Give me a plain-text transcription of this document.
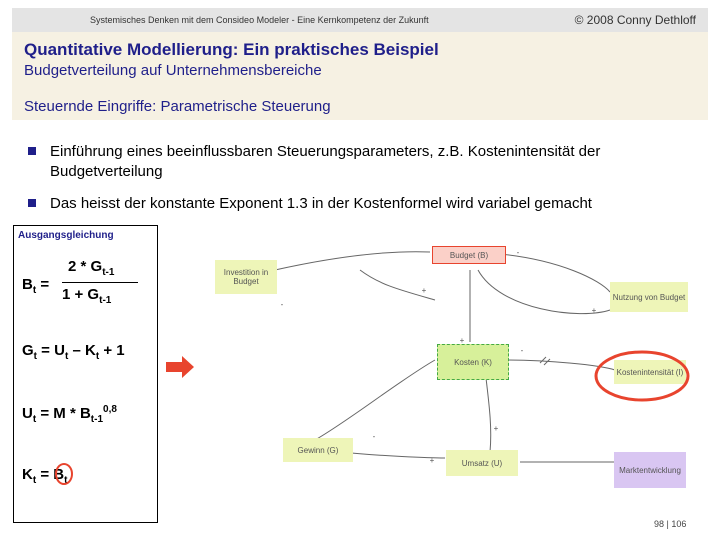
Systemisches Denken mit dem Consideo Modeler - Eine Kernkompetenz der Zukunft	© 2008 Conny Dethloff
Quantitative Modellierung: Ein praktisches Beispiel
Budgetverteilung auf Unternehmensbereiche
Steuernde Eingriffe: Parametrische Steuerung
Einführung eines beeinflussbaren Steuerungsparameters, z.B. Kostenintensität der Budgetverteilung
Das heisst der konstante Exponent 1.3 in der Kostenformel wird variabel gemacht
Ausgangsgleichung
$B_t$ =
$2 * G_{t-1}$
$1 + G_{t-1}$
$G_t = U_t - K_t + 1$
$U_t = M * B_{t-1}^{0,8}$
$K_t = B_t$
Investition in Budget
Budget (B)
Nutzung von Budget
Kosten (K)
Kostenintensität (I)
Gewinn (G)
Umsatz (U)
Marktentwicklung
+
+
-
-
+
-
-
+
+
98 | 106
